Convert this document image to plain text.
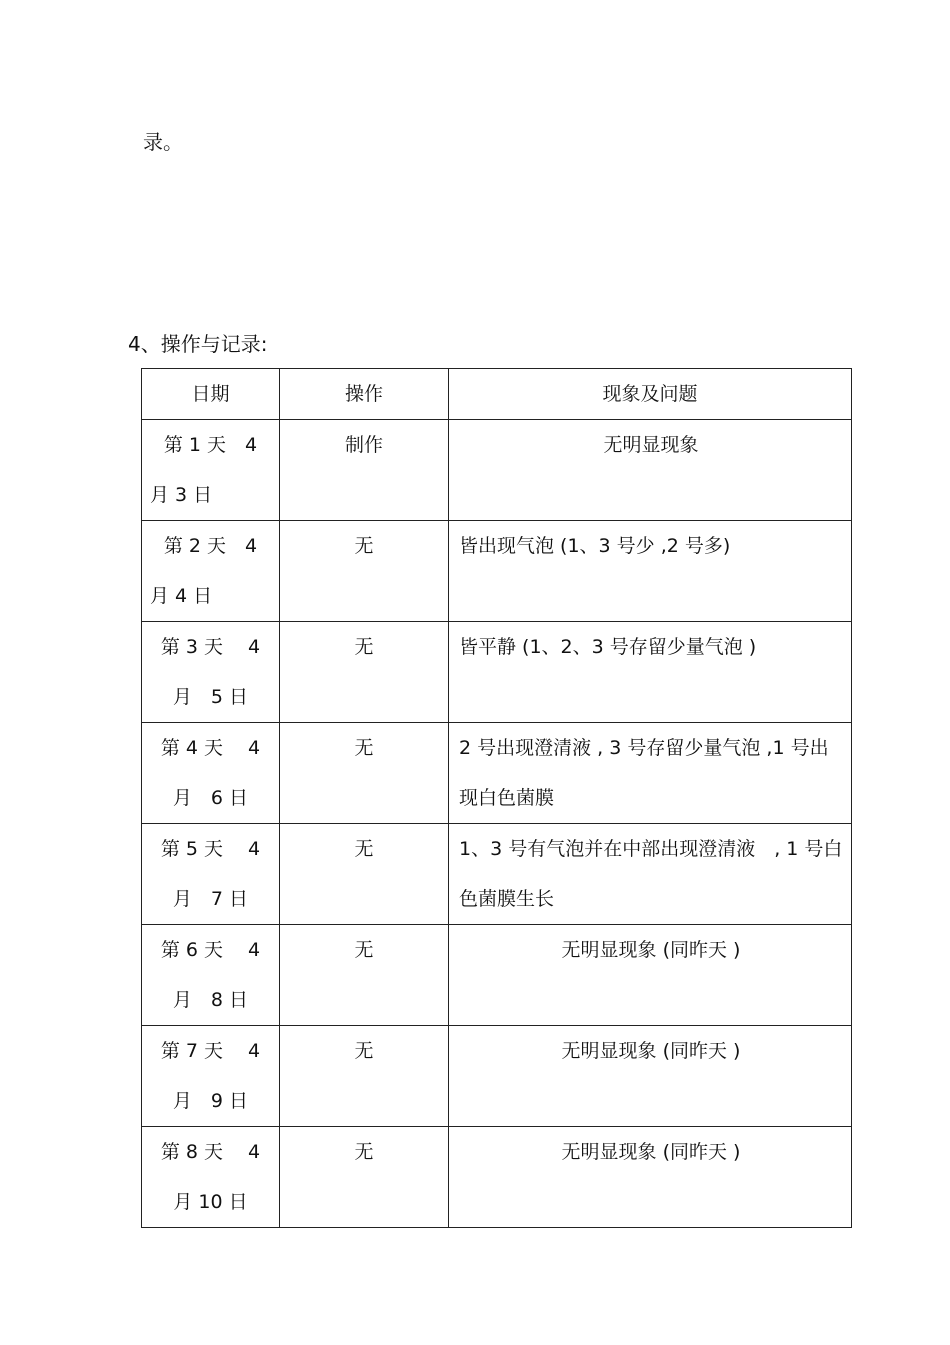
录。
4、操作与记录:
日期	操作	现象及问题

第 1 天　4
月 3 日	制作	无明显现象

第 2 天　4
月 4 日	无	皆出现气泡 (1、3 号少 ,2 号多)

第 3 天　 4
月　5 日	无	皆平静 (1、2、3 号存留少量气泡 )

第 4 天　 4
月　6 日	无	2 号出现澄清液 , 3 号存留少量气泡 ,1 号出现白色菌膜

第 5 天　 4
月　7 日	无	1、3 号有气泡并在中部出现澄清液　, 1 号白色菌膜生长

第 6 天　 4
月　8 日	无	无明显现象 (同昨天 )

第 7 天　 4
月　9 日	无	无明显现象 (同昨天 )

第 8 天　 4
月 10 日	无	无明显现象 (同昨天 )
